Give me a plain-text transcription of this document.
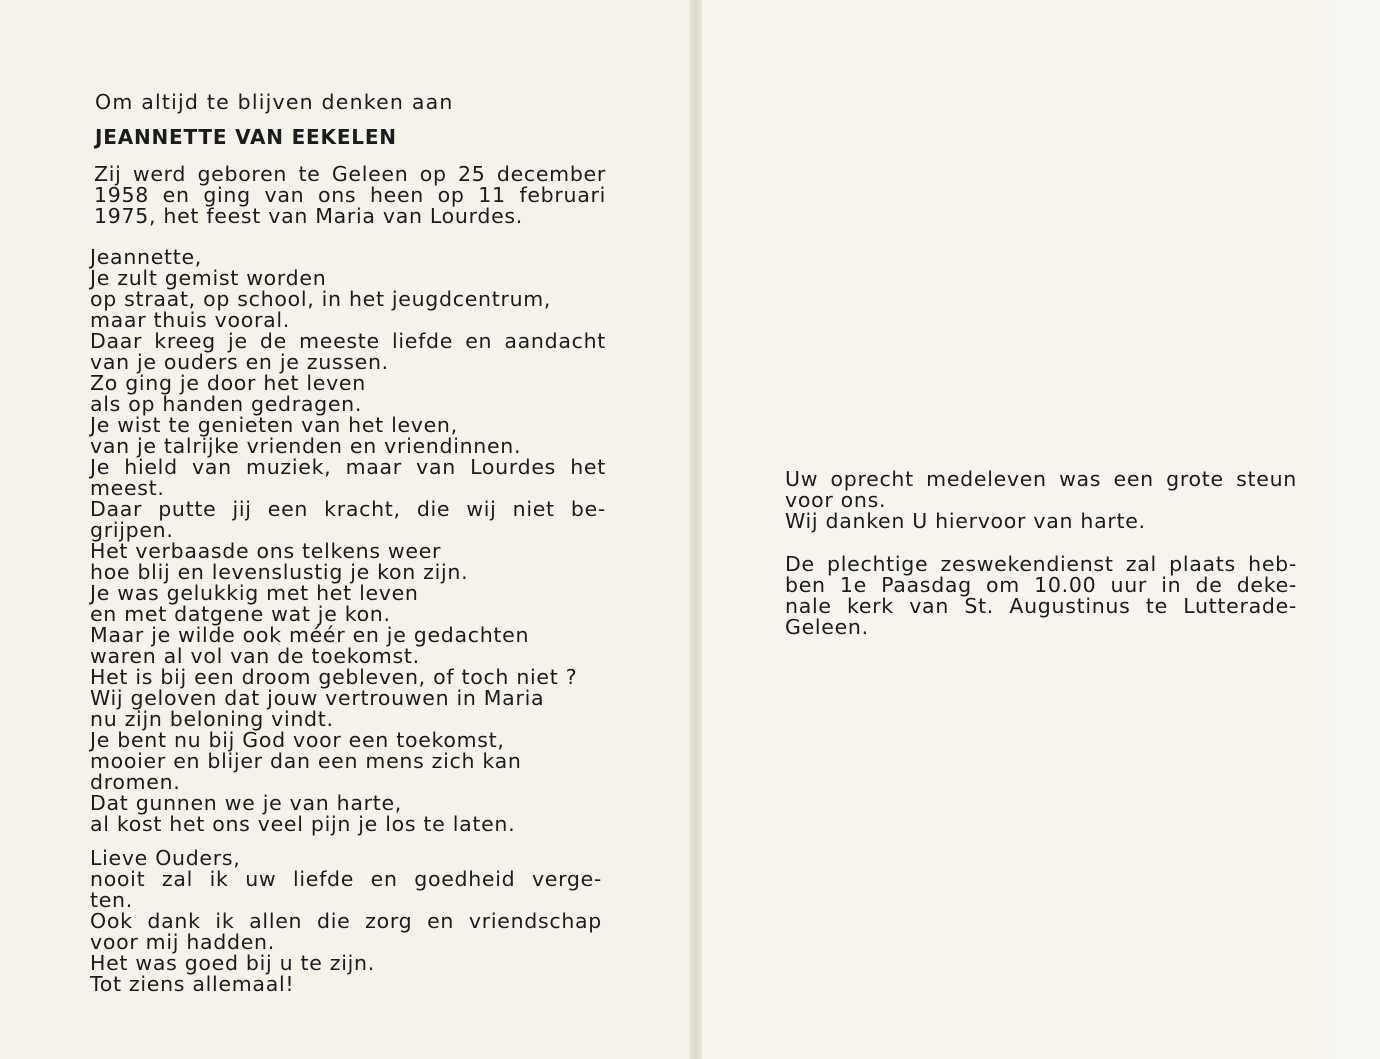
Om altijd te blijven denken aan

JEANNETTE VAN EEKELEN

Zij werd geboren te Geleen op 25 december
1958 en ging van ons heen op 11 februari
1975, het feest van Maria van Lourdes.
Jeannette,
Je zult gemist worden
op straat, op school, in het jeugdcentrum,
maar thuis vooral.
Daar kreeg je de meeste liefde en aandacht
van je ouders en je zussen.
Zo ging je door het leven
als op handen gedragen.
Je wist te genieten van het leven,
van je talrijke vrienden en vriendinnen.
Je hield van muziek, maar van Lourdes het
meest.
Daar putte jij een kracht, die wij niet be-
grijpen.
Het verbaasde ons telkens weer
hoe blij en levenslustig je kon zijn.
Je was gelukkig met het leven
en met datgene wat je kon.
Maar je wilde ook méér en je gedachten
waren al vol van de toekomst.
Het is bij een droom gebleven, of toch niet ?
Wij geloven dat jouw vertrouwen in Maria
nu zijn beloning vindt.
Je bent nu bij God voor een toekomst,
mooier en blijer dan een mens zich kan
dromen.
Dat gunnen we je van harte,
al kost het ons veel pijn je los te laten.
Lieve Ouders,
nooit zal ik uw liefde en goedheid verge-
ten.
Ook dank ik allen die zorg en vriendschap
voor mij hadden.
Het was goed bij u te zijn.
Tot ziens allemaal!
Uw oprecht medeleven was een grote steun
voor ons.
Wij danken U hiervoor van harte.
De plechtige zeswekendienst zal plaats heb-
ben 1e Paasdag om 10.00 uur in de deke-
nale kerk van St. Augustinus te Lutterade-
Geleen.
